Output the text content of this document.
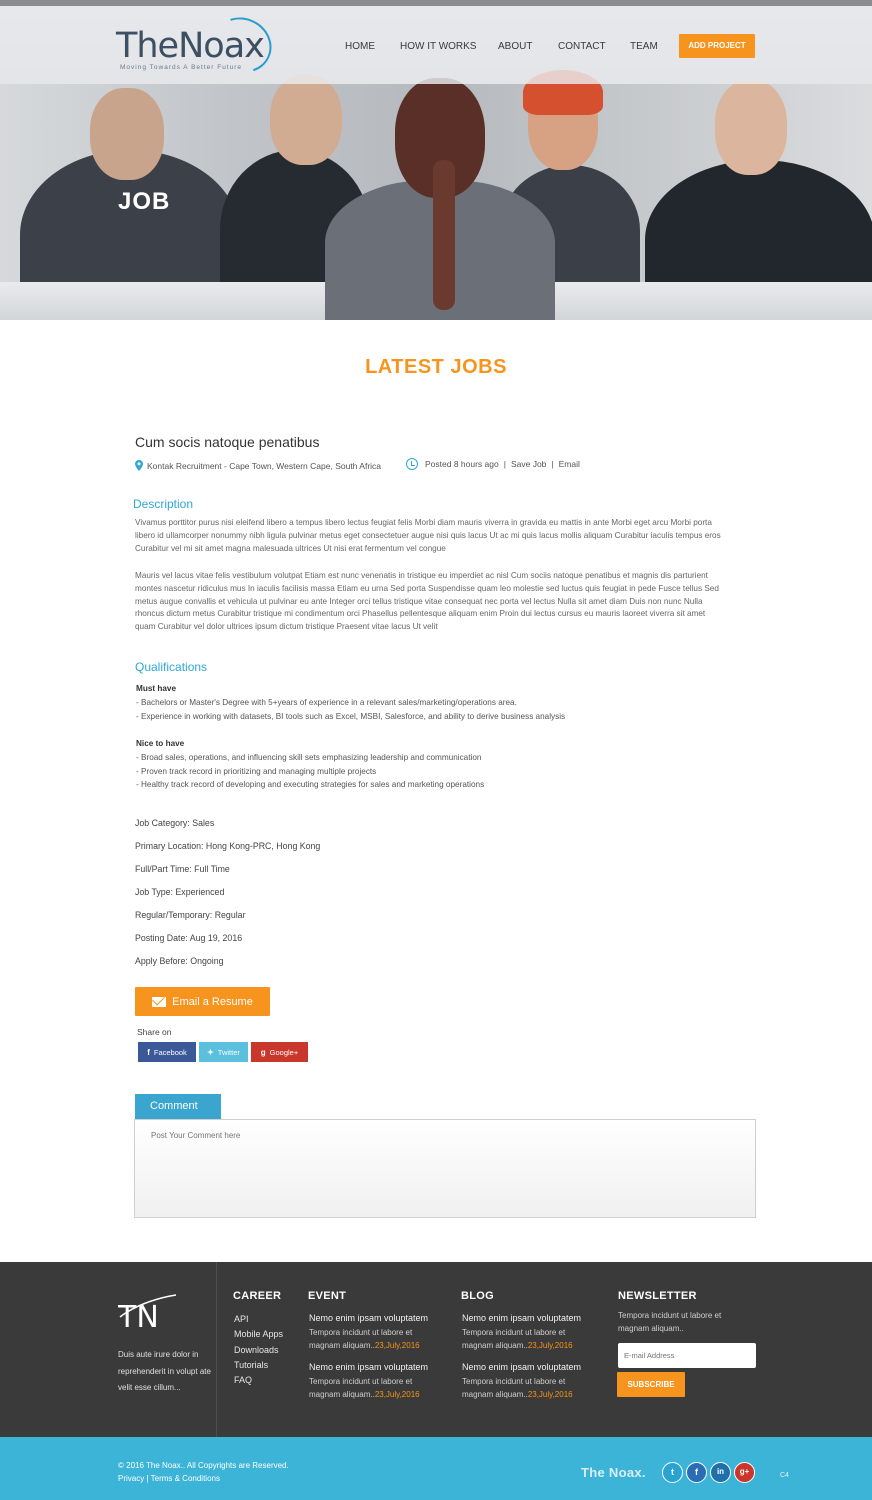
JOB
TheNoax
Moving Towards A Better Future
HOME	HOW IT WORKS ABOUT	CONTACT TEAM	ADD PROJECT
LATEST JOBS
Cum socis natoque penatibus
Kontak Recruitment - Cape Town, Western Cape, South Africa	Posted 8 hours ago | Save Job | Email
Description
Vivamus porttitor purus nisi eleifend libero a tempus libero lectus feugiat felis Morbi diam mauris viverra in gravida eu mattis in ante Morbi eget arcu Morbi porta libero id ullamcorper nonummy nibh ligula pulvinar metus eget consectetuer augue nisi quis lacus Ut ac mi quis lacus mollis aliquam Curabitur iaculis tempus eros Curabitur vel mi sit amet magna malesuada ultrices Ut nisi erat fermentum vel congue
Mauris vel lacus vitae felis vestibulum volutpat Etiam est nunc venenatis in tristique eu imperdiet ac nisl Cum sociis natoque penatibus et magnis dis parturient montes nascetur ridiculus mus In iaculis facilisis massa Etiam eu urna Sed porta Suspendisse quam leo molestie sed luctus quis feugiat in pede Fusce tellus Sed metus augue convallis et vehicula ut pulvinar eu ante Integer orci tellus tristique vitae consequat nec porta vel lectus Nulla sit amet diam Duis non nunc Nulla rhoncus dictum metus Curabitur tristique mi condimentum orci Phasellus pellentesque aliquam enim Proin dui lectus cursus eu mauris laoreet viverra sit amet quam Curabitur vel dolor ultrices ipsum dictum tristique Praesent vitae lacus Ut velit
Qualifications
Must have
- Bachelors or Master's Degree with 5+years of experience in a relevant sales/marketing/operations area.
- Experience in working with datasets, BI tools such as Excel, MSBI, Salesforce, and ability to derive business analysis
Nice to have
- Broad sales, operations, and influencing skill sets emphasizing leadership and communication
- Proven track record in prioritizing and managing multiple projects
- Healthy track record of developing and executing strategies for sales and marketing operations
Job Category: Sales
Primary Location: Hong Kong-PRC, Hong Kong
Full/Part Time: Full Time
Job Type: Experienced
Regular/Temporary: Regular
Posting Date: Aug 19, 2016
Apply Before: Ongoing
Email a Resume
Share on
f Facebook	✦ Twitter	g Google+
Comment
Post Your Comment here
TN
Duis aute irure dolor in reprehenderit in volupt ate velit esse cillum...
CAREER
API
Mobile Apps
Downloads
Tutorials
FAQ
EVENT
Nemo enim ipsam voluptatem
Tempora incidunt ut labore et magnam aliquam..23,July,2016
Nemo enim ipsam voluptatem
Tempora incidunt ut labore et magnam aliquam..23,July,2016
BLOG
Nemo enim ipsam voluptatem
Tempora incidunt ut labore et magnam aliquam..23,July,2016
Nemo enim ipsam voluptatem
Tempora incidunt ut labore et magnam aliquam..23,July,2016
NEWSLETTER
Tempora incidunt ut labore et magnam aliquam..
E-mail Address
SUBSCRIBE
© 2016 The Noax.. All Copyrights are Reserved.
Privacy | Terms & Conditions	The Noax.	t	f	in	g+	C4
